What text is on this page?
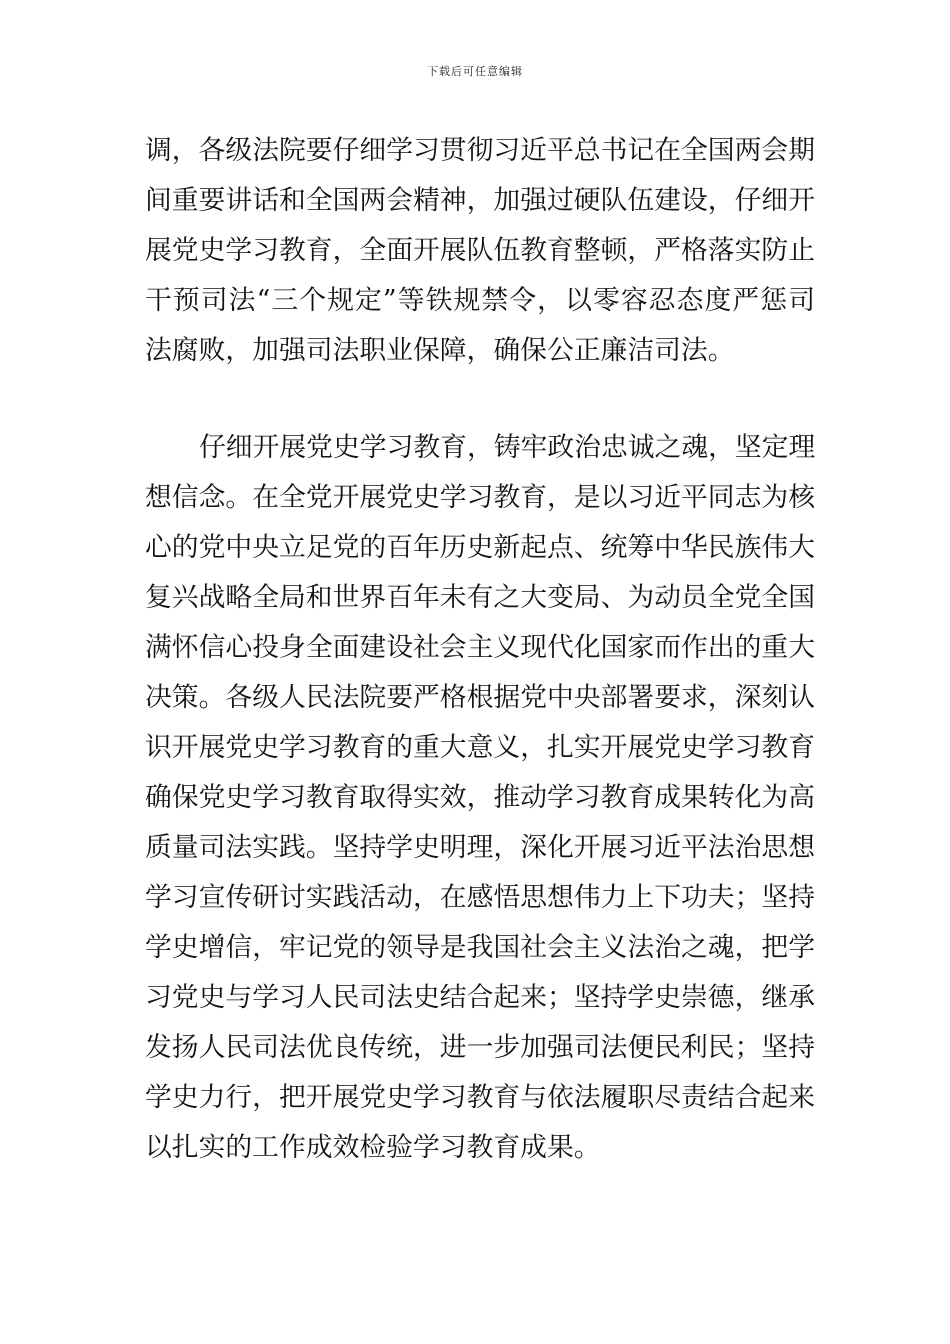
下载后可任意编辑
调，各级法院要仔细学习贯彻习近平总书记在全国两会期
间重要讲话和全国两会精神，加强过硬队伍建设，仔细开
展党史学习教育，全面开展队伍教育整顿，严格落实防止
干预司法“三个规定”等铁规禁令，以零容忍态度严惩司
法腐败，加强司法职业保障，确保公正廉洁司法。
仔细开展党史学习教育，铸牢政治忠诚之魂，坚定理
想信念。在全党开展党史学习教育，是以习近平同志为核
心的党中央立足党的百年历史新起点、统筹中华民族伟大
复兴战略全局和世界百年未有之大变局、为动员全党全国
满怀信心投身全面建设社会主义现代化国家而作出的重大
决策。各级人民法院要严格根据党中央部署要求，深刻认
识开展党史学习教育的重大意义，扎实开展党史学习教育
确保党史学习教育取得实效，推动学习教育成果转化为高
质量司法实践。坚持学史明理，深化开展习近平法治思想
学习宣传研讨实践活动，在感悟思想伟力上下功夫；坚持
学史增信，牢记党的领导是我国社会主义法治之魂，把学
习党史与学习人民司法史结合起来；坚持学史崇德，继承
发扬人民司法优良传统，进一步加强司法便民利民；坚持
学史力行，把开展党史学习教育与依法履职尽责结合起来
以扎实的工作成效检验学习教育成果。
